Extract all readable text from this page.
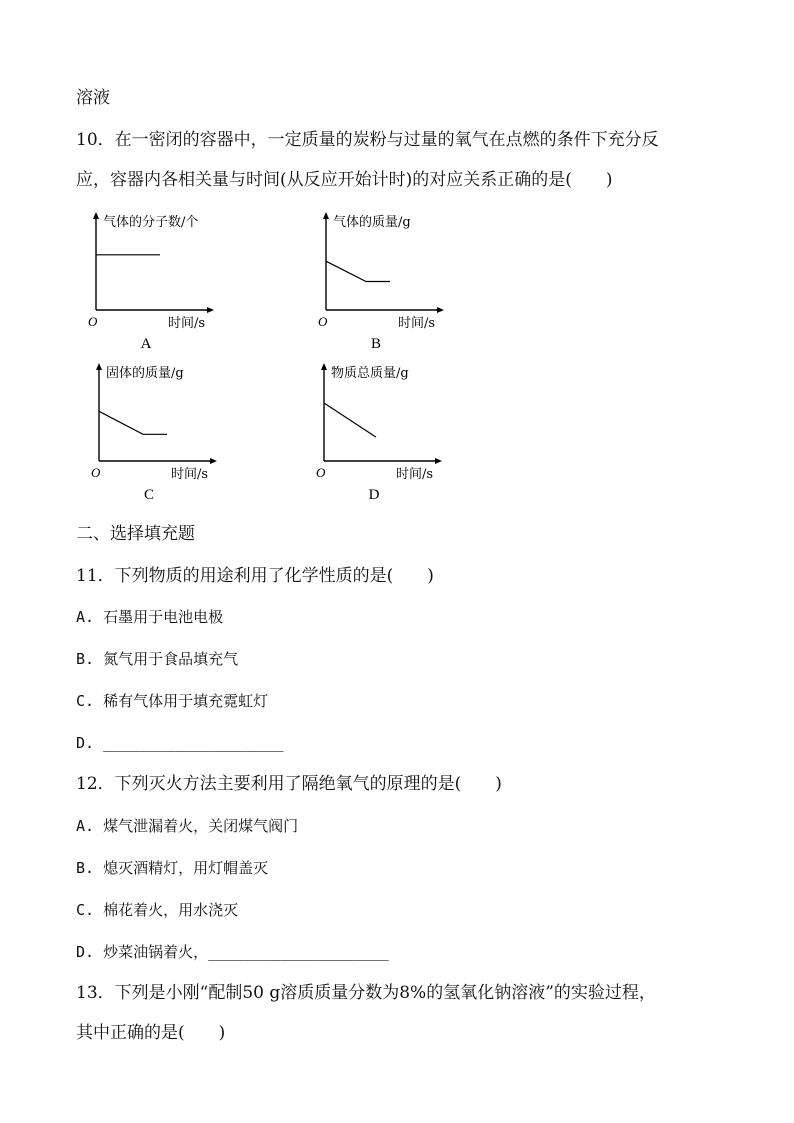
溶液
10．在一密闭的容器中，一定质量的炭粉与过量的氧气在点燃的条件下充分反
应，容器内各相关量与时间(从反应开始计时)的对应关系正确的是(　　)
气体的分子数/个
时间/s
O
A
气体的质量/g
时间/s
O
B
固体的质量/g
时间/s
O
C
物质总质量/g
时间/s
O
D
二、选择填充题
11．下列物质的用途利用了化学性质的是(　　)
A. 石墨用于电池电极
B. 氮气用于食品填充气
C. 稀有气体用于填充霓虹灯
D. ____________________
12．下列灭火方法主要利用了隔绝氧气的原理的是(　　)
A. 煤气泄漏着火，关闭煤气阀门
B. 熄灭酒精灯，用灯帽盖灭
C. 棉花着火，用水浇灭
D. 炒菜油锅着火，____________________
13．下列是小刚“配制50 g溶质质量分数为8%的氢氧化钠溶液”的实验过程，
其中正确的是(　　)
